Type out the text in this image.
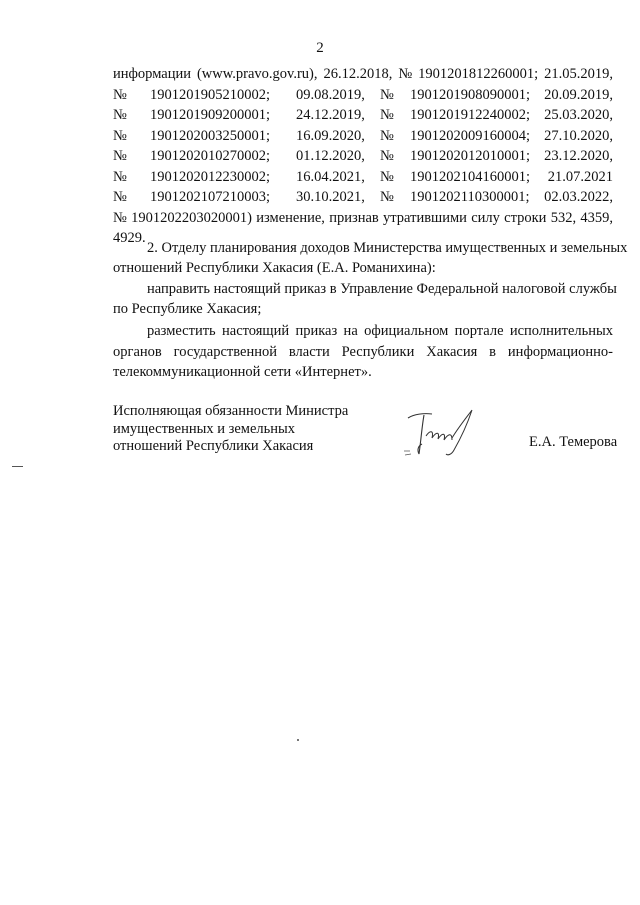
2
информации (www.pravo.gov.ru), 26.12.2018, № 1901201812260001; 21.05.2019,
№ 1901201905210002; 09.08.2019, № 1901201908090001; 20.09.2019,
№ 1901201909200001; 24.12.2019, № 1901201912240002; 25.03.2020,
№ 1901202003250001; 16.09.2020, № 1901202009160004; 27.10.2020,
№ 1901202010270002; 01.12.2020, № 1901202012010001; 23.12.2020,
№ 1901202012230002; 16.04.2021, № 1901202104160001; 21.07.2021
№ 1901202107210003; 30.10.2021, № 1901202110300001; 02.03.2022,
№ 1901202203020001) изменение, признав утратившими силу строки 532, 4359,
4929.
2. Отделу планирования доходов Министерства имущественных и земельных
отношений Республики Хакасия (Е.А. Романихина):
направить настоящий приказ в Управление Федеральной налоговой службы
по Республике Хакасия;
разместить настоящий приказ на официальном портале исполнительных
органов государственной власти Республики Хакасия в информационно-
телекоммуникационной сети «Интернет».
Исполняющая обязанности Министра
имущественных и земельных
отношений Республики Хакасия	Е.А. Темерова
